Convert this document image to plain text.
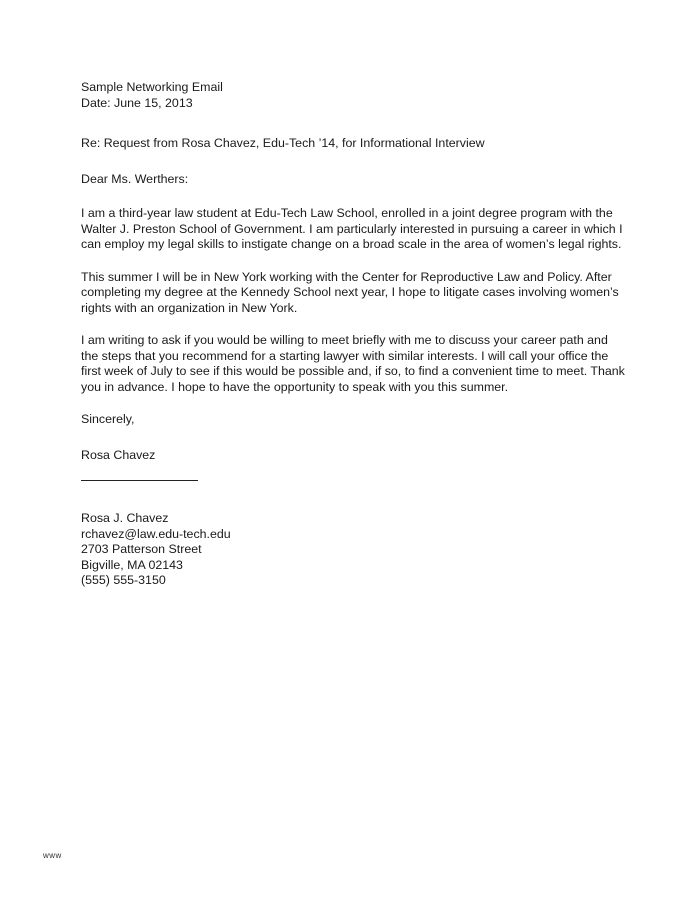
Sample Networking Email
Date: June 15, 2013
Re: Request from Rosa Chavez, Edu-Tech ’14, for Informational Interview
Dear Ms. Werthers:
I am a third-year law student at Edu-Tech Law School, enrolled in a joint degree program with the
Walter J. Preston School of Government. I am particularly interested in pursuing a career in which I
can employ my legal skills to instigate change on a broad scale in the area of women’s legal rights.
This summer I will be in New York working with the Center for Reproductive Law and Policy. After
completing my degree at the Kennedy School next year, I hope to litigate cases involving women’s
rights with an organization in New York.
I am writing to ask if you would be willing to meet briefly with me to discuss your career path and
the steps that you recommend for a starting lawyer with similar interests. I will call your office the
first week of July to see if this would be possible and, if so, to find a convenient time to meet. Thank
you in advance. I hope to have the opportunity to speak with you this summer.
Sincerely,
Rosa Chavez
Rosa J. Chavez
rchavez@law.edu-tech.edu
2703 Patterson Street
Bigville, MA 02143
(555) 555-3150
www
